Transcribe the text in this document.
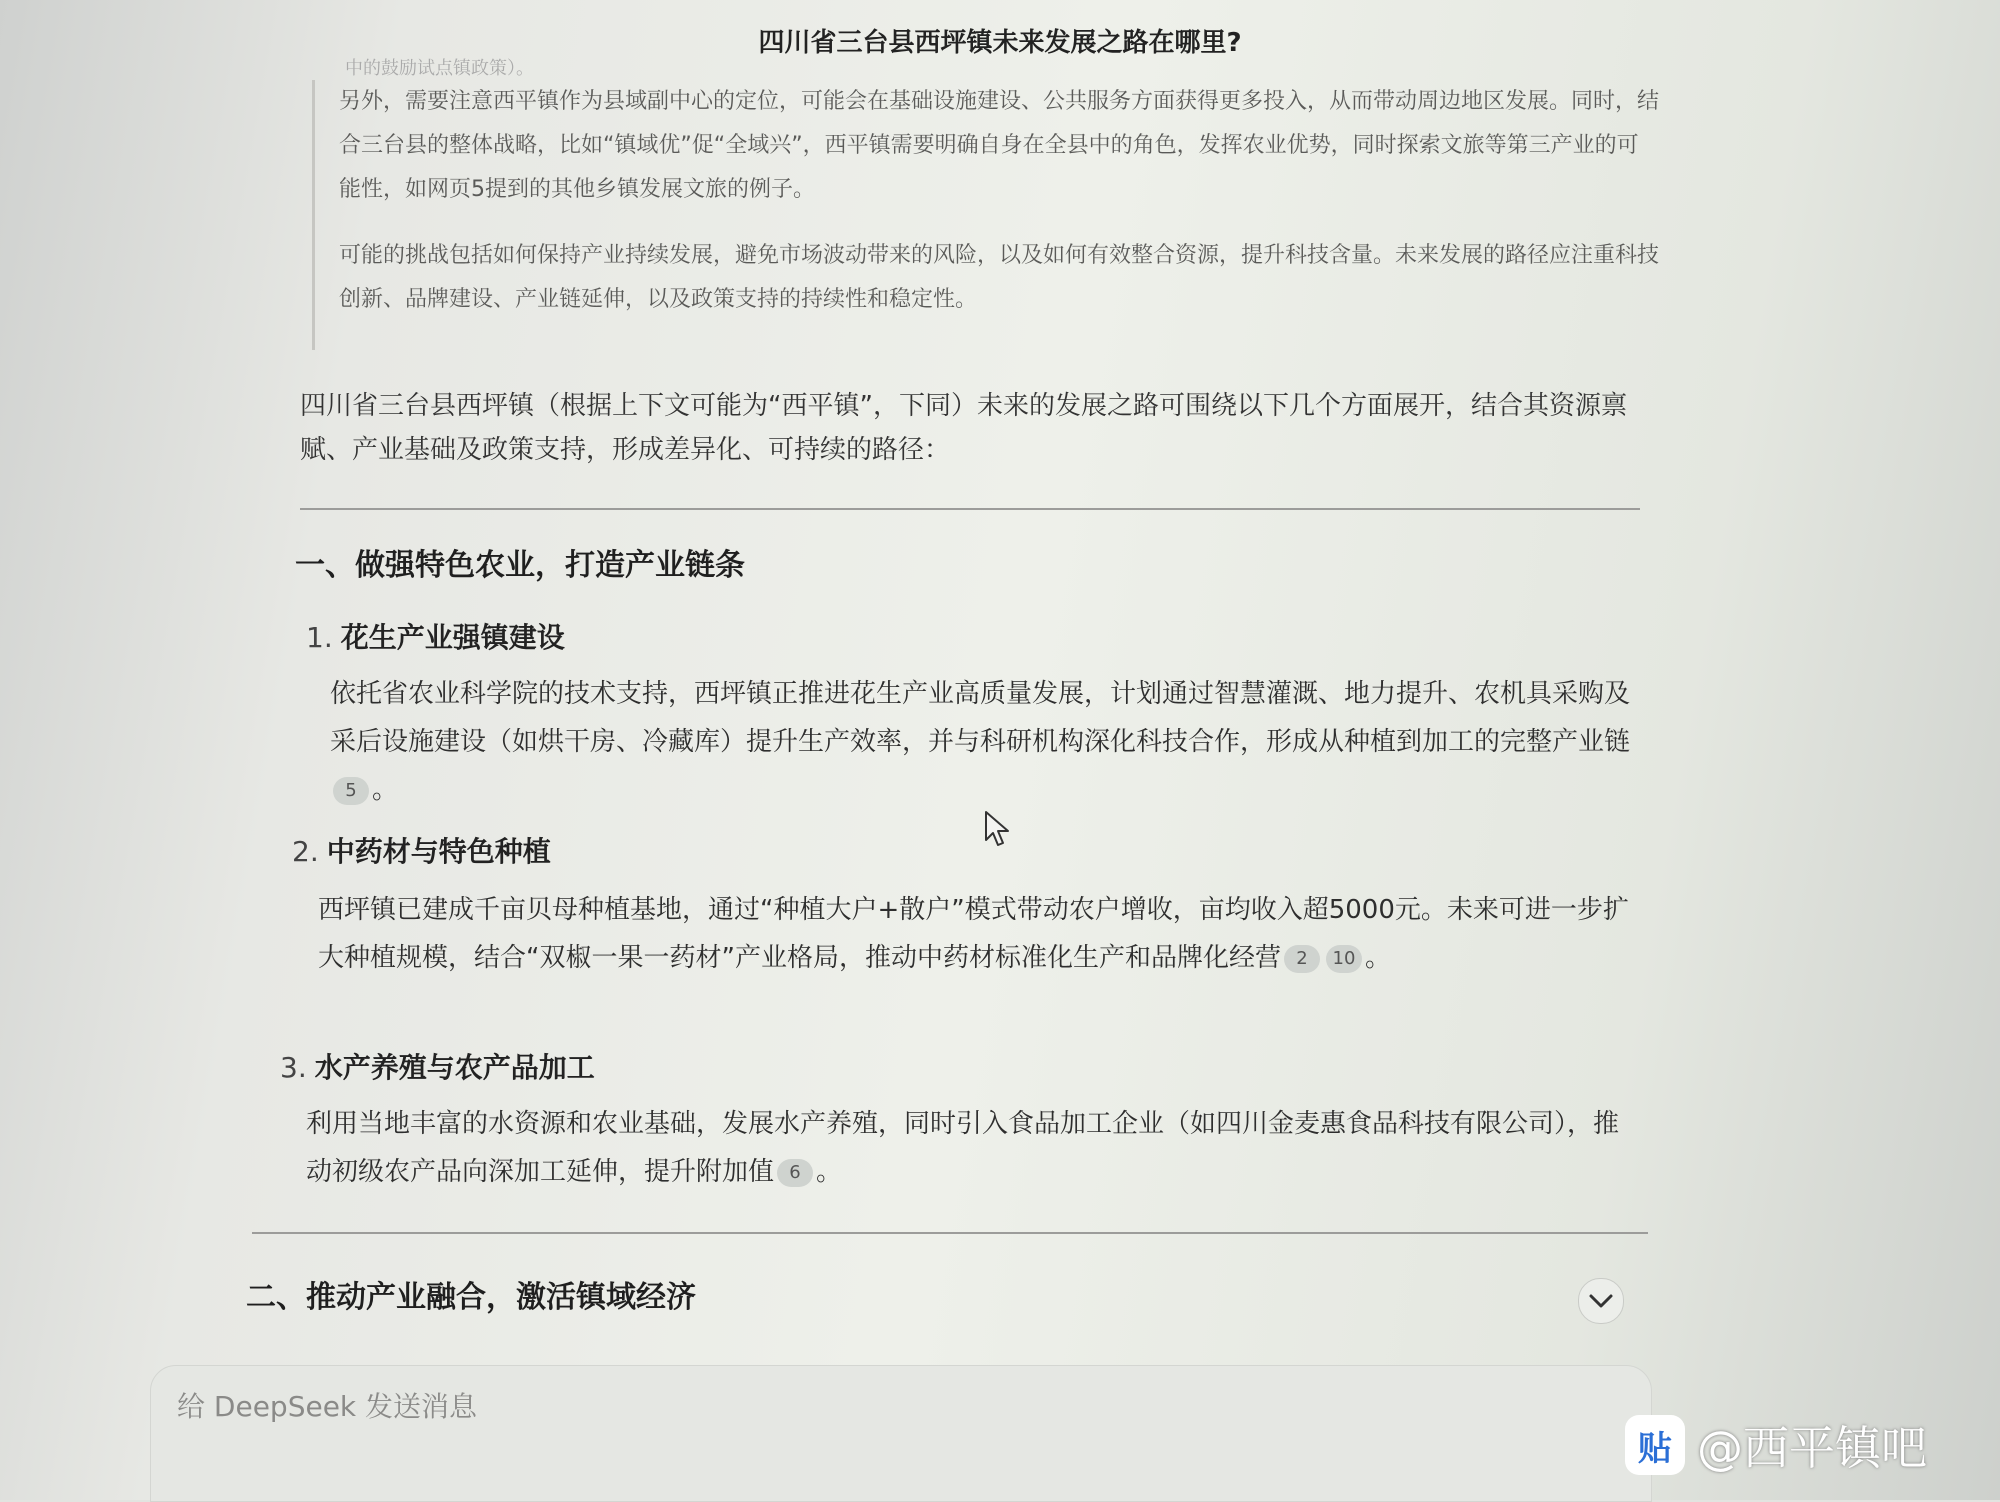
四川省三台县西坪镇未来发展之路在哪里?
中的鼓励试点镇政策）。

另外，需要注意西平镇作为县域副中心的定位，可能会在基础设施建设、公共服务方面获得更多投入，从而带动周边地区发展。同时，结合三台县的整体战略，比如“镇域优”促“全域兴”，西平镇需要明确自身在全县中的角色，发挥农业优势，同时探索文旅等第三产业的可能性，如网页5提到的其他乡镇发展文旅的例子。

可能的挑战包括如何保持产业持续发展，避免市场波动带来的风险，以及如何有效整合资源，提升科技含量。未来发展的路径应注重科技创新、品牌建设、产业链延伸，以及政策支持的持续性和稳定性。

四川省三台县西坪镇（根据上下文可能为“西平镇”，下同）未来的发展之路可围绕以下几个方面展开，结合其资源禀赋、产业基础及政策支持，形成差异化、可持续的路径：
一、做强特色农业，打造产业链条
1. 花生产业强镇建设
依托省农业科学院的技术支持，西坪镇正推进花生产业高质量发展，计划通过智慧灌溉、地力提升、农机具采购及采后设施建设（如烘干房、冷藏库）提升生产效率，并与科研机构深化科技合作，形成从种植到加工的完整产业链5 。
2. 中药材与特色种植
西坪镇已建成千亩贝母种植基地，通过“种植大户+散户”模式带动农户增收，亩均收入超5000元。未来可进一步扩大种植规模，结合“双椒一果一药材”产业格局，推动中药材标准化生产和品牌化经营 2 10 。
3. 水产养殖与农产品加工
利用当地丰富的水资源和农业基础，发展水产养殖，同时引入食品加工企业（如四川金麦惠食品科技有限公司），推动初级农产品向深加工延伸，提升附加值 6 。
二、推动产业融合，激活镇域经济
给 DeepSeek 发送消息
贴 @西平镇吧
